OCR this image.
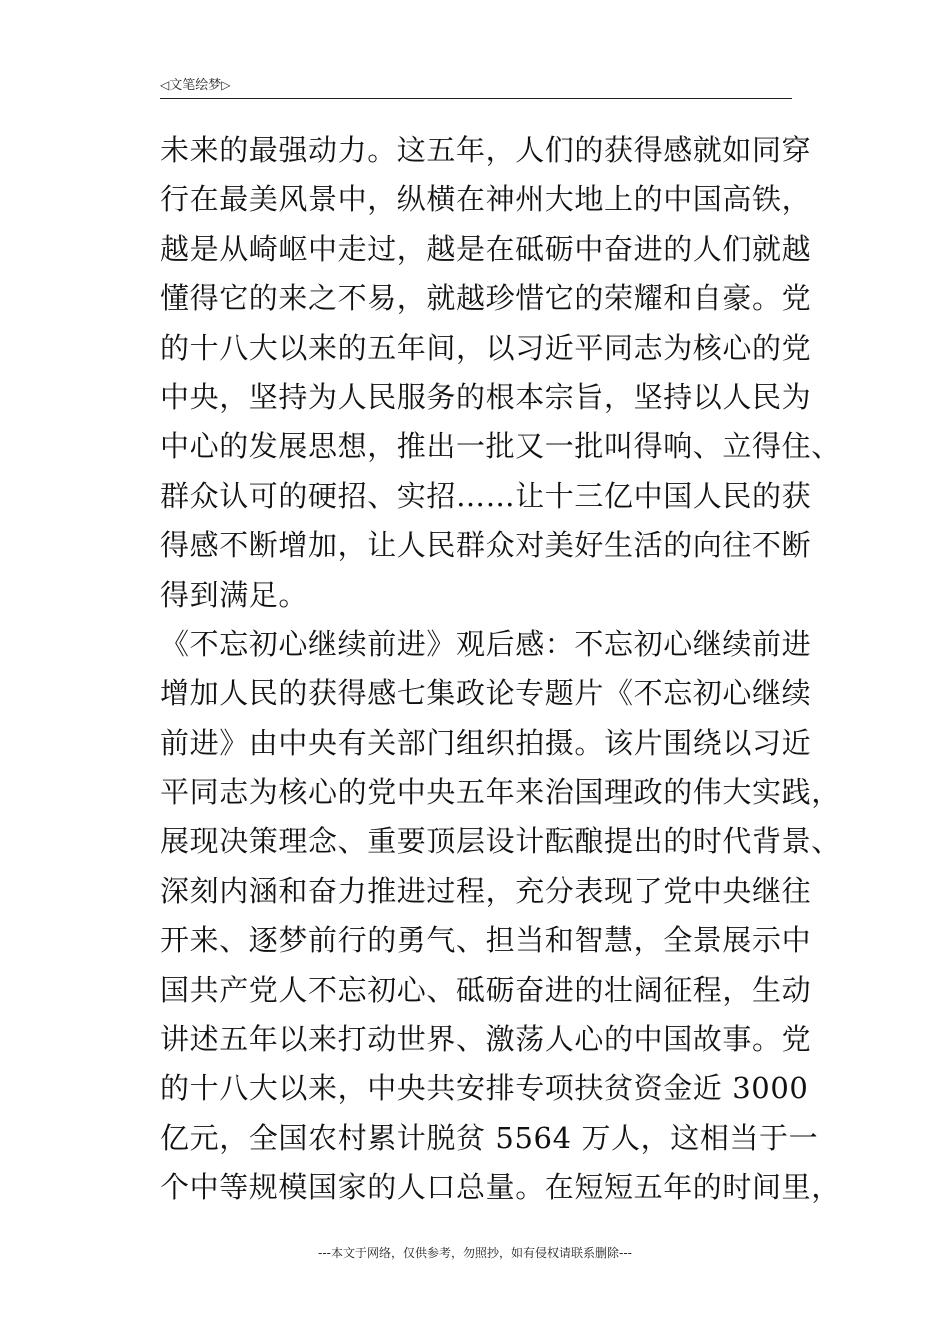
◁文笔绘梦▷
未来的最强动力。这五年，人们的获得感就如同穿
行在最美风景中，纵横在神州大地上的中国高铁，
越是从崎岖中走过，越是在砥砺中奋进的人们就越
懂得它的来之不易，就越珍惜它的荣耀和自豪。党
的十八大以来的五年间，以习近平同志为核心的党
中央，坚持为人民服务的根本宗旨，坚持以人民为
中心的发展思想，推出一批又一批叫得响、立得住、
群众认可的硬招、实招……让十三亿中国人民的获
得感不断增加，让人民群众对美好生活的向往不断
得到满足。
《不忘初心继续前进》观后感：不忘初心继续前进
增加人民的获得感七集政论专题片《不忘初心继续
前进》由中央有关部门组织拍摄。该片围绕以习近
平同志为核心的党中央五年来治国理政的伟大实践，
展现决策理念、重要顶层设计酝酿提出的时代背景、
深刻内涵和奋力推进过程，充分表现了党中央继往
开来、逐梦前行的勇气、担当和智慧，全景展示中
国共产党人不忘初心、砥砺奋进的壮阔征程，生动
讲述五年以来打动世界、激荡人心的中国故事。党
的十八大以来，中央共安排专项扶贫资金近 3000
亿元，全国农村累计脱贫 5564 万人，这相当于一
个中等规模国家的人口总量。在短短五年的时间里，
---本文于网络，仅供参考，勿照抄，如有侵权请联系删除---
